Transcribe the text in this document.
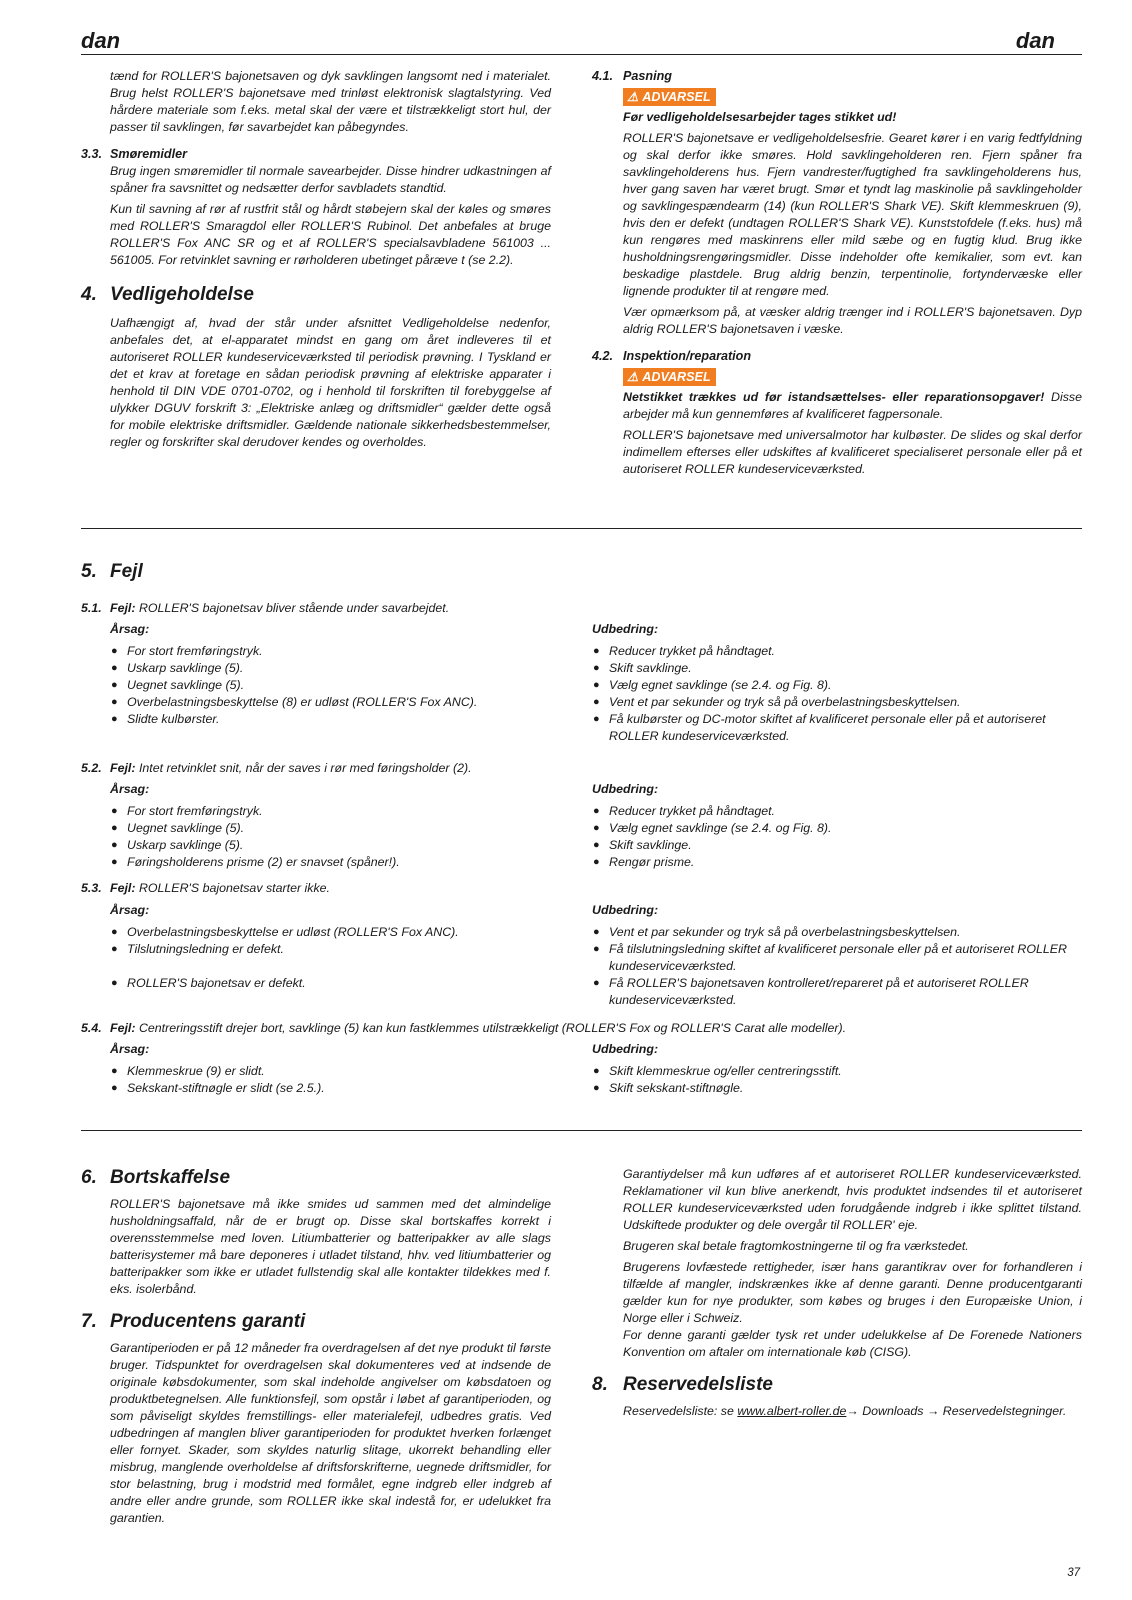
dan	dan
tænd for ROLLER'S bajonetsaven og dyk savklingen langsomt ned i materialet. Brug helst ROLLER'S bajonetsave med trinløst elektronisk slagtalstyring. Ved hårdere materiale som f.eks. metal skal der være et tilstrækkeligt stort hul, der passer til savklingen, før savarbejdet kan påbegyndes.
3.3. Smøremidler
Brug ingen smøremidler til normale savearbejder. Disse hindrer udkastningen af spåner fra savsnittet og nedsætter derfor savbladets standtid.
Kun til savning af rør af rustfrit stål og hårdt støbejern skal der køles og smøres med ROLLER'S Smaragdol eller ROLLER'S Rubinol. Det anbefales at bruge ROLLER'S Fox ANC SR og et af ROLLER'S specialsavbladene 561003 ... 561005. For retvinklet savning er rørholderen ubetinget påræve t (se 2.2).
4. Vedligeholdelse
Uafhængigt af, hvad der står under afsnittet Vedligeholdelse nedenfor, anbefales det, at el-apparatet mindst en gang om året indleveres til et autoriseret ROLLER kundeserviceværksted til periodisk prøvning. I Tyskland er det et krav at foretage en sådan periodisk prøvning af elektriske apparater i henhold til DIN VDE 0701-0702, og i henhold til forskriften til forebyggelse af ulykker DGUV forskrift 3: „Elektriske anlæg og driftsmidler“ gælder dette også for mobile elektriske driftsmidler. Gældende nationale sikkerhedsbestemmelser, regler og forskrifter skal derudover kendes og overholdes.
4.1. Pasning
⚠ ADVARSEL
Før vedligeholdelsesarbejder tages stikket ud!
ROLLER'S bajonetsave er vedligeholdelsesfrie. Gearet kører i en varig fedtfyldning og skal derfor ikke smøres. Hold savklingeholderen ren. Fjern spåner fra savklingeholderens hus. Fjern vandrester/fugtighed fra savklingeholderens hus, hver gang saven har været brugt. Smør et tyndt lag maskinolie på savklingeholder og savklingespændearm (14) (kun ROLLER'S Shark VE). Skift klemmeskruen (9), hvis den er defekt (undtagen ROLLER'S Shark VE). Kunststofdele (f.eks. hus) må kun rengøres med maskinrens eller mild sæbe og en fugtig klud. Brug ikke husholdningsrengøringsmidler. Disse indeholder ofte kemikalier, som evt. kan beskadige plastdele. Brug aldrig benzin, terpentinolie, fortyndervæske eller lignende produkter til at rengøre med.
Vær opmærksom på, at væsker aldrig trænger ind i ROLLER'S bajonetsaven. Dyp aldrig ROLLER'S bajonetsaven i væske.
4.2. Inspektion/reparation
⚠ ADVARSEL
Netstikket trækkes ud før istandsættelses- eller reparationsopgaver! Disse arbejder må kun gennemføres af kvalificeret fagpersonale.
ROLLER'S bajonetsave med universalmotor har kulbøster. De slides og skal derfor indimellem efterses eller udskiftes af kvalificeret specialiseret personale eller på et autoriseret ROLLER kundeserviceværksted.
5. Fejl
5.1. Fejl: ROLLER'S bajonetsav bliver stående under savarbejdet.
Årsag:
● For stort fremføringstryk.
● Uskarp savklinge (5).
● Uegnet savklinge (5).
● Overbelastningsbeskyttelse (8) er udløst (ROLLER'S Fox ANC).
● Slidte kulbørster.
Udbedring:
● Reducer trykket på håndtaget.
● Skift savklinge.
● Vælg egnet savklinge (se 2.4. og Fig. 8).
● Vent et par sekunder og tryk så på overbelastningsbeskyttelsen.
● Få kulbørster og DC-motor skiftet af kvalificeret personale eller på et autoriseret ROLLER kundeserviceværksted.
5.2. Fejl: Intet retvinklet snit, når der saves i rør med føringsholder (2).
Årsag:
● For stort fremføringstryk.
● Uegnet savklinge (5).
● Uskarp savklinge (5).
● Føringsholderens prisme (2) er snavset (spåner!).
Udbedring:
● Reducer trykket på håndtaget.
● Vælg egnet savklinge (se 2.4. og Fig. 8).
● Skift savklinge.
● Rengør prisme.
5.3. Fejl: ROLLER'S bajonetsav starter ikke.
Årsag:
● Overbelastningsbeskyttelse er udløst (ROLLER'S Fox ANC).
● Tilslutningsledning er defekt.
● ROLLER'S bajonetsav er defekt.
Udbedring:
● Vent et par sekunder og tryk så på overbelastningsbeskyttelsen.
● Få tilslutningsledning skiftet af kvalificeret personale eller på et autoriseret ROLLER kundeserviceværksted.
● Få ROLLER'S bajonetsaven kontrolleret/repareret på et autoriseret ROLLER kundeserviceværksted.
5.4. Fejl: Centreringsstift drejer bort, savklinge (5) kan kun fastklemmes utilstrækkeligt (ROLLER'S Fox og ROLLER'S Carat alle modeller).
Årsag:
● Klemmeskrue (9) er slidt.
● Sekskant-stiftnøgle er slidt (se 2.5.).
Udbedring:
● Skift klemmeskrue og/eller centreringsstift.
● Skift sekskant-stiftnøgle.
6. Bortskaffelse
ROLLER'S bajonetsave må ikke smides ud sammen med det almindelige husholdningsaffald, når de er brugt op. Disse skal bortskaffes korrekt i overensstemmelse med loven. Litiumbatterier og batteripakker av alle slags batterisystemer må bare deponeres i utladet tilstand, hhv. ved litiumbatterier og batteripakker som ikke er utladet fullstendig skal alle kontakter tildekkes med f. eks. isolerbånd.
7. Producentens garanti
Garantiperioden er på 12 måneder fra overdragelsen af det nye produkt til første bruger. Tidspunktet for overdragelsen skal dokumenteres ved at indsende de originale købsdokumenter, som skal indeholde angivelser om købsdatoen og produktbetegnelsen. Alle funktionsfejl, som opstår i løbet af garantiperioden, og som påviseligt skyldes fremstillings- eller materialefejl, udbedres gratis. Ved udbedringen af manglen bliver garantiperioden for produktet hverken forlænget eller fornyet. Skader, som skyldes naturlig slitage, ukorrekt behandling eller misbrug, manglende overholdelse af driftsforskrifterne, uegnede driftsmidler, for stor belastning, brug i modstrid med formålet, egne indgreb eller indgreb af andre eller andre grunde, som ROLLER ikke skal indestå for, er udelukket fra garantien.
Garantiydelser må kun udføres af et autoriseret ROLLER kundeserviceværksted. Reklamationer vil kun blive anerkendt, hvis produktet indsendes til et autoriseret ROLLER kundeserviceværksted uden forudgående indgreb i ikke splittet tilstand. Udskiftede produkter og dele overgår til ROLLER' eje.
Brugeren skal betale fragtomkostningerne til og fra værkstedet.
Brugerens lovfæstede rettigheder, især hans garantikrav over for forhandleren i tilfælde af mangler, indskrænkes ikke af denne garanti. Denne producentgaranti gælder kun for nye produkter, som købes og bruges i den Europæiske Union, i Norge eller i Schweiz.
For denne garanti gælder tysk ret under udelukkelse af De Forenede Nationers Konvention om aftaler om internationale køb (CISG).
8. Reservedelsliste
Reservedelsliste: se www.albert-roller.de→ Downloads → Reservedelstegninger.
37
